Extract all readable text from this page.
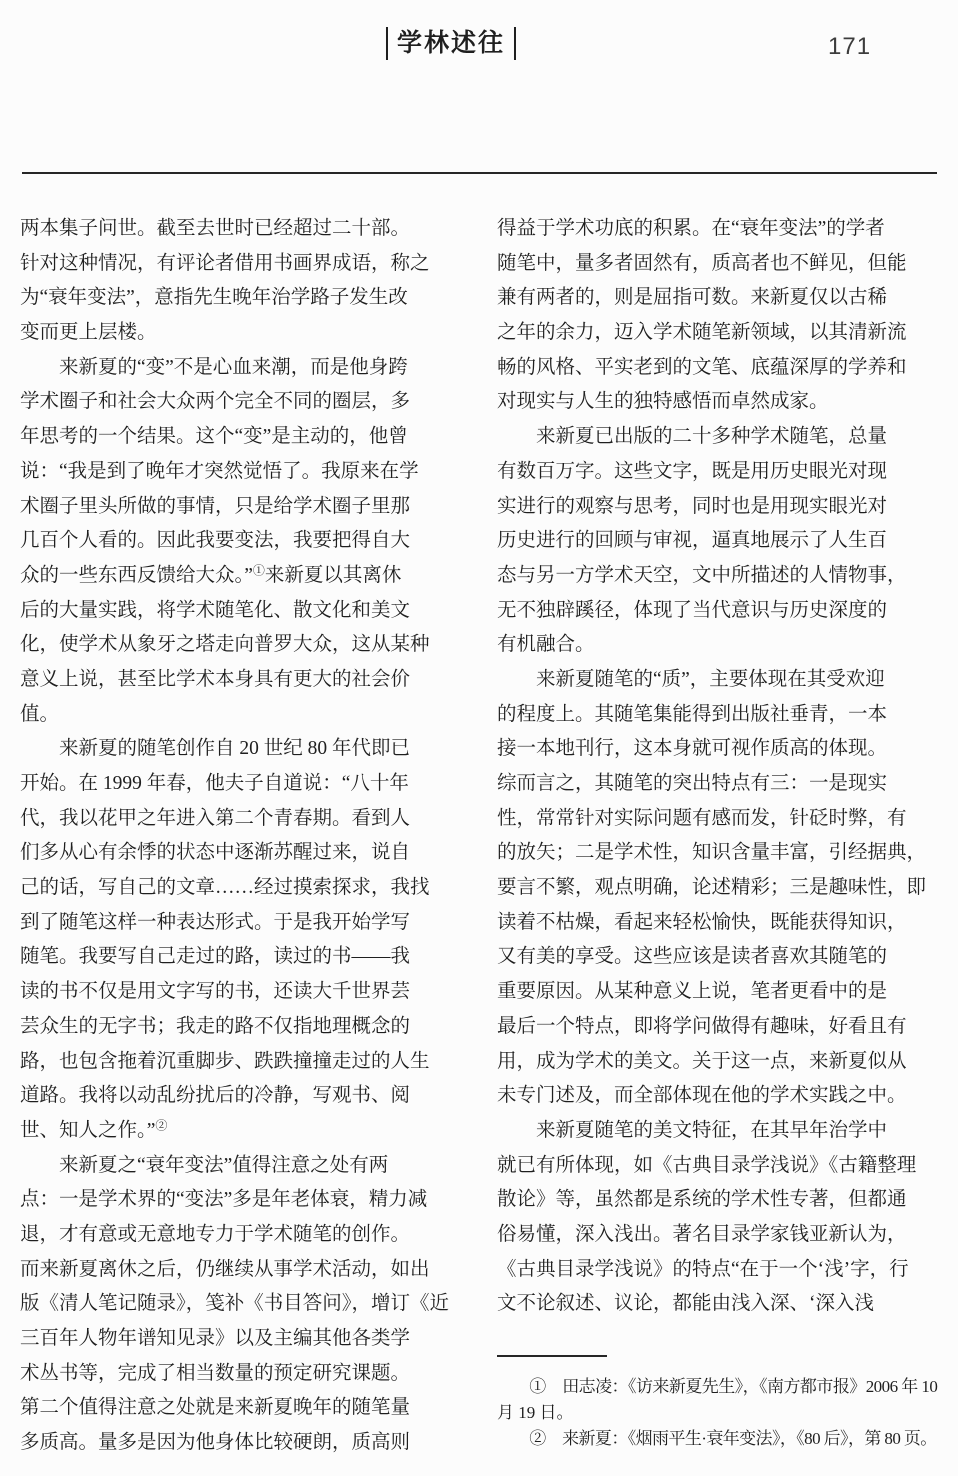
学林述往	171
两本集子问世。截至去世时已经超过二十部。
针对这种情况，有评论者借用书画界成语，称之
为“衰年变法”，意指先生晚年治学路子发生改
变而更上层楼。
来新夏的“变”不是心血来潮，而是他身跨
学术圈子和社会大众两个完全不同的圈层，多
年思考的一个结果。这个“变”是主动的，他曾
说：“我是到了晚年才突然觉悟了。我原来在学
术圈子里头所做的事情，只是给学术圈子里那
几百个人看的。因此我要变法，我要把得自大
众的一些东西反馈给大众。”①来新夏以其离休
后的大量实践，将学术随笔化、散文化和美文
化，使学术从象牙之塔走向普罗大众，这从某种
意义上说，甚至比学术本身具有更大的社会价
值。
来新夏的随笔创作自 20 世纪 80 年代即已
开始。在 1999 年春，他夫子自道说：“八十年
代，我以花甲之年进入第二个青春期。看到人
们多从心有余悸的状态中逐渐苏醒过来，说自
己的话，写自己的文章……经过摸索探求，我找
到了随笔这样一种表达形式。于是我开始学写
随笔。我要写自己走过的路，读过的书——我
读的书不仅是用文字写的书，还读大千世界芸
芸众生的无字书；我走的路不仅指地理概念的
路，也包含拖着沉重脚步、跌跌撞撞走过的人生
道路。我将以动乱纷扰后的冷静，写观书、阅
世、知人之作。”②
来新夏之“衰年变法”值得注意之处有两
点：一是学术界的“变法”多是年老体衰，精力减
退，才有意或无意地专力于学术随笔的创作。
而来新夏离休之后，仍继续从事学术活动，如出
版《清人笔记随录》，笺补《书目答问》，增订《近
三百年人物年谱知见录》以及主编其他各类学
术丛书等，完成了相当数量的预定研究课题。
第二个值得注意之处就是来新夏晚年的随笔量
多质高。量多是因为他身体比较硬朗，质高则
得益于学术功底的积累。在“衰年变法”的学者
随笔中，量多者固然有，质高者也不鲜见，但能
兼有两者的，则是屈指可数。来新夏仅以古稀
之年的余力，迈入学术随笔新领域，以其清新流
畅的风格、平实老到的文笔、底蕴深厚的学养和
对现实与人生的独特感悟而卓然成家。
来新夏已出版的二十多种学术随笔，总量
有数百万字。这些文字，既是用历史眼光对现
实进行的观察与思考，同时也是用现实眼光对
历史进行的回顾与审视，逼真地展示了人生百
态与另一方学术天空，文中所描述的人情物事，
无不独辟蹊径，体现了当代意识与历史深度的
有机融合。
来新夏随笔的“质”，主要体现在其受欢迎
的程度上。其随笔集能得到出版社垂青，一本
接一本地刊行，这本身就可视作质高的体现。
综而言之，其随笔的突出特点有三：一是现实
性，常常针对实际问题有感而发，针砭时弊，有
的放矢；二是学术性，知识含量丰富，引经据典，
要言不繁，观点明确，论述精彩；三是趣味性，即
读着不枯燥，看起来轻松愉快，既能获得知识，
又有美的享受。这些应该是读者喜欢其随笔的
重要原因。从某种意义上说，笔者更看中的是
最后一个特点，即将学问做得有趣味，好看且有
用，成为学术的美文。关于这一点，来新夏似从
未专门述及，而全部体现在他的学术实践之中。
来新夏随笔的美文特征，在其早年治学中
就已有所体现，如《古典目录学浅说》《古籍整理
散论》等，虽然都是系统的学术性专著，但都通
俗易懂，深入浅出。著名目录学家钱亚新认为，
《古典目录学浅说》的特点“在于一个‘浅’字，行
文不论叙述、议论，都能由浅入深、‘深入浅
①　田志凌：《访来新夏先生》，《南方都市报》2006 年 10
月 19 日。
②　来新夏：《烟雨平生·衰年变法》，《80 后》，第 80 页。
